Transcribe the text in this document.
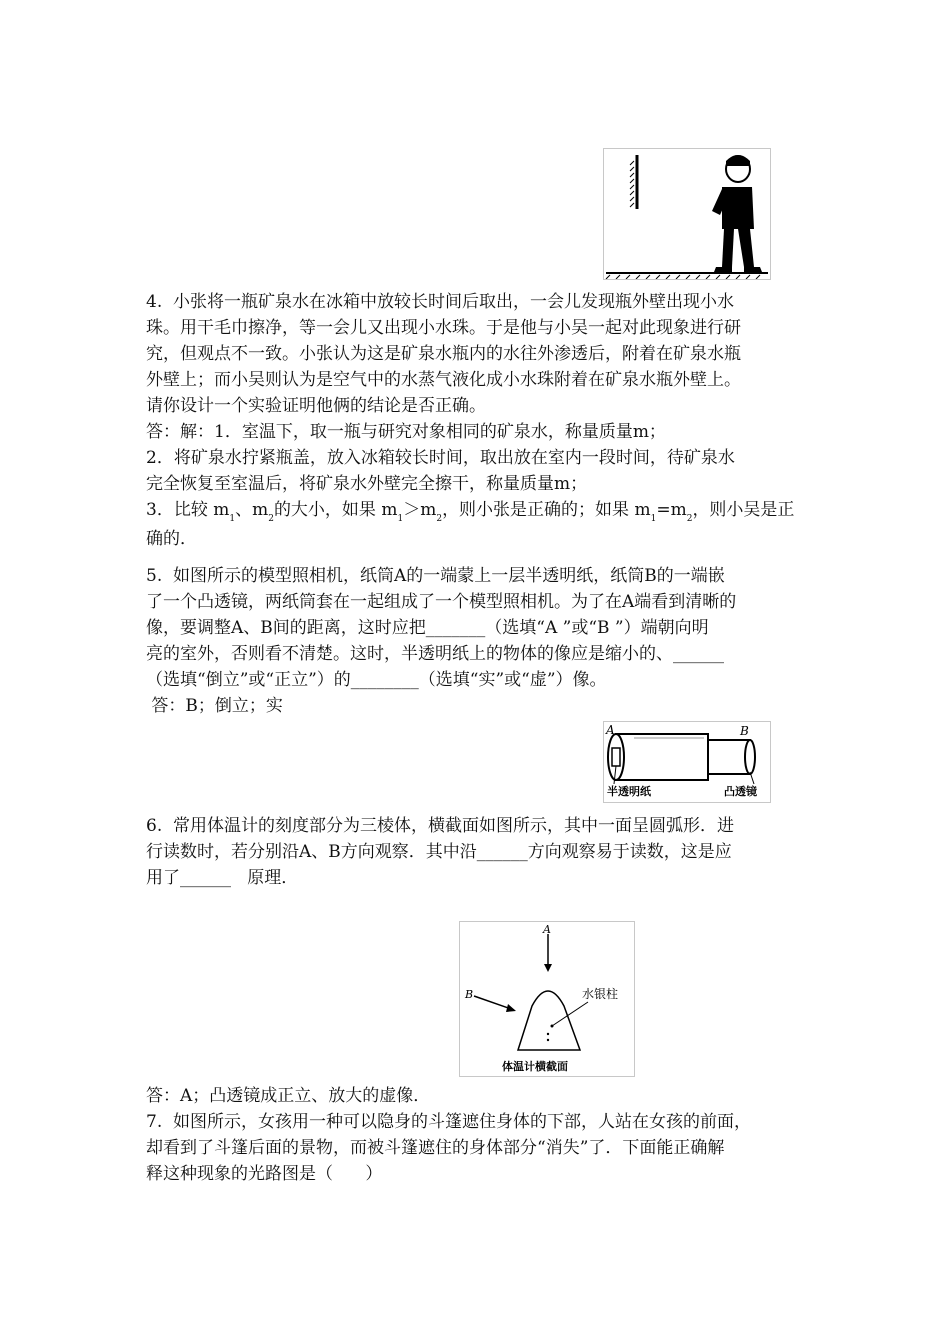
4.  小张将一瓶矿泉水在冰箱中放较长时间后取出，一会儿发现瓶外壁出现小水
珠。用干毛巾擦净，等一会儿又出现小水珠。于是他与小吴一起对此现象进行研
究，但观点不一致。小张认为这是矿泉水瓶内的水往外渗透后，附着在矿泉水瓶
外壁上；而小吴则认为是空气中的水蒸气液化成小水珠附着在矿泉水瓶外壁上。
请你设计一个实验证明他俩的结论是否正确。
答：解：1．室温下，取一瓶与研究对象相同的矿泉水，称量质量m；
2．将矿泉水拧紧瓶盖，放入冰箱较长时间，取出放在室内一段时间，待矿泉水
完全恢复至室温后，将矿泉水外壁完全擦干，称量质量m；
3．比较 $m_1$、$m_2$的大小，如果 $m_1>m_2$，则小张是正确的；如果 $m_1=m_2$，则小吴是正
确的．
5.  如图所示的模型照相机，纸筒A的一端蒙上一层半透明纸，纸筒B的一端嵌
了一个凸透镜，两纸筒套在一起组成了一个模型照相机。为了在A端看到清晰的
像，要调整A、B间的距离，这时应把_______（选填“A ”或“B ”）端朝向明
亮的室外，否则看不清楚。这时，半透明纸上的物体的像应是缩小的、______
（选填“倒立”或“正立”）的________（选填“实”或“虚”）像。
答：B；倒立；实
A	B
半透明纸	凸透镜
6.  常用体温计的刻度部分为三棱体，横截面如图所示，其中一面呈圆弧形．进
行读数时，若分别沿A、B方向观察．其中沿______方向观察易于读数，这是应
用了______   原理．
A
B	水银柱
体温计横截面
答：A；凸透镜成正立、放大的虚像．
7.  如图所示，女孩用一种可以隐身的斗篷遮住身体的下部，人站在女孩的前面，
却看到了斗篷后面的景物，而被斗篷遮住的身体部分“消失”了．下面能正确解
释这种现象的光路图是（      ）
